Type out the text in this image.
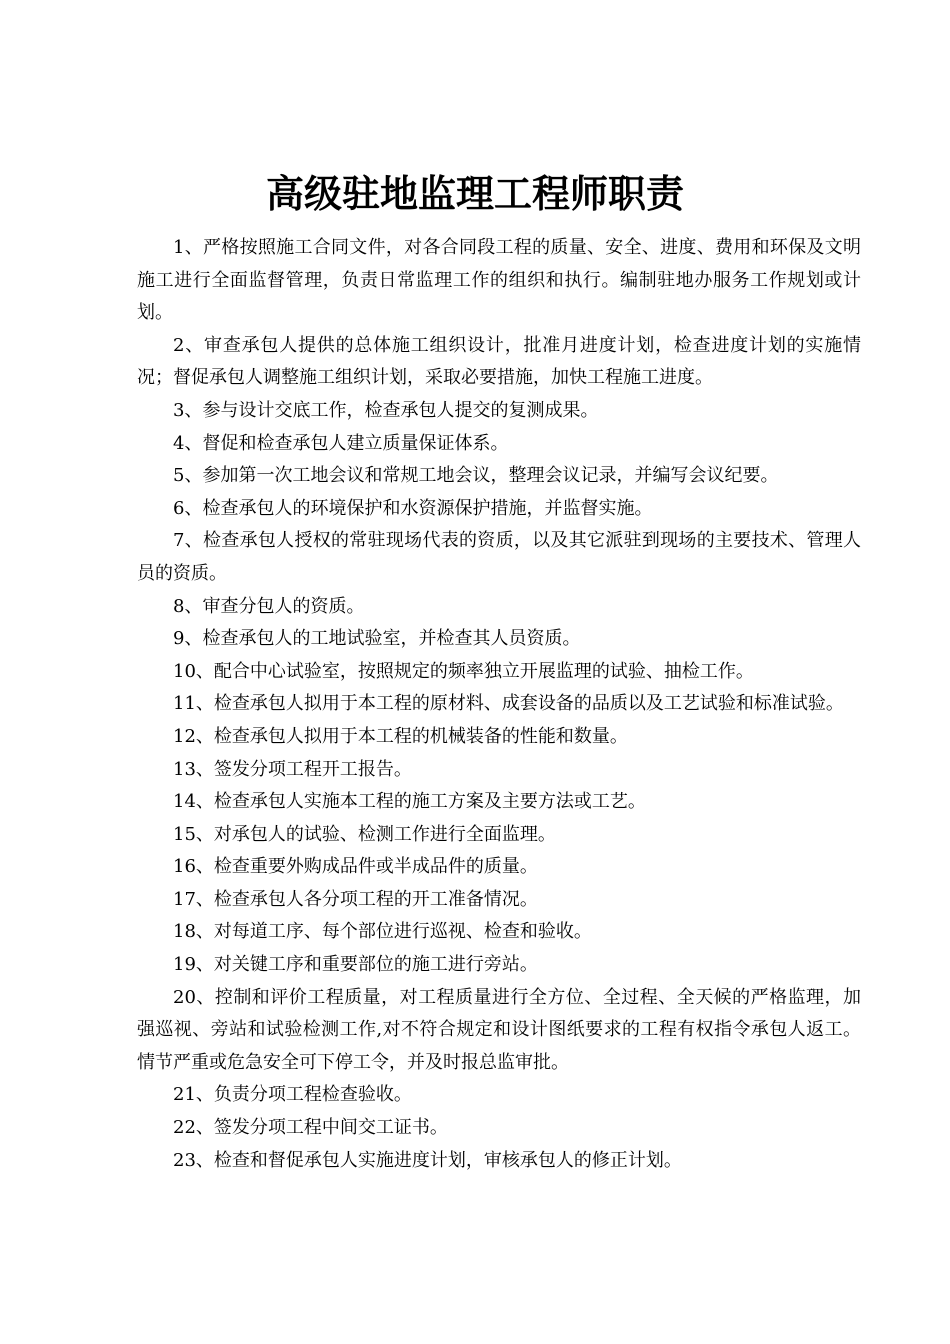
高级驻地监理工程师职责

1、严格按照施工合同文件，对各合同段工程的质量、安全、进度、费用和环保及文明施工进行全面监督管理，负责日常监理工作的组织和执行。编制驻地办服务工作规划或计划。

2、审查承包人提供的总体施工组织设计，批准月进度计划，检查进度计划的实施情况；督促承包人调整施工组织计划，采取必要措施，加快工程施工进度。

3、参与设计交底工作，检查承包人提交的复测成果。

4、督促和检查承包人建立质量保证体系。

5、参加第一次工地会议和常规工地会议，整理会议记录，并编写会议纪要。

6、检查承包人的环境保护和水资源保护措施，并监督实施。

7、检查承包人授权的常驻现场代表的资质，以及其它派驻到现场的主要技术、管理人员的资质。

8、审查分包人的资质。

9、检查承包人的工地试验室，并检查其人员资质。

10、配合中心试验室，按照规定的频率独立开展监理的试验、抽检工作。

11、检查承包人拟用于本工程的原材料、成套设备的品质以及工艺试验和标准试验。

12、检查承包人拟用于本工程的机械装备的性能和数量。

13、签发分项工程开工报告。

14、检查承包人实施本工程的施工方案及主要方法或工艺。

15、对承包人的试验、检测工作进行全面监理。

16、检查重要外购成品件或半成品件的质量。

17、检查承包人各分项工程的开工准备情况。

18、对每道工序、每个部位进行巡视、检查和验收。

19、对关键工序和重要部位的施工进行旁站。

20、控制和评价工程质量，对工程质量进行全方位、全过程、全天候的严格监理，加强巡视、旁站和试验检测工作,对不符合规定和设计图纸要求的工程有权指令承包人返工。情节严重或危急安全可下停工令，并及时报总监审批。

21、负责分项工程检查验收。

22、签发分项工程中间交工证书。

23、检查和督促承包人实施进度计划，审核承包人的修正计划。
